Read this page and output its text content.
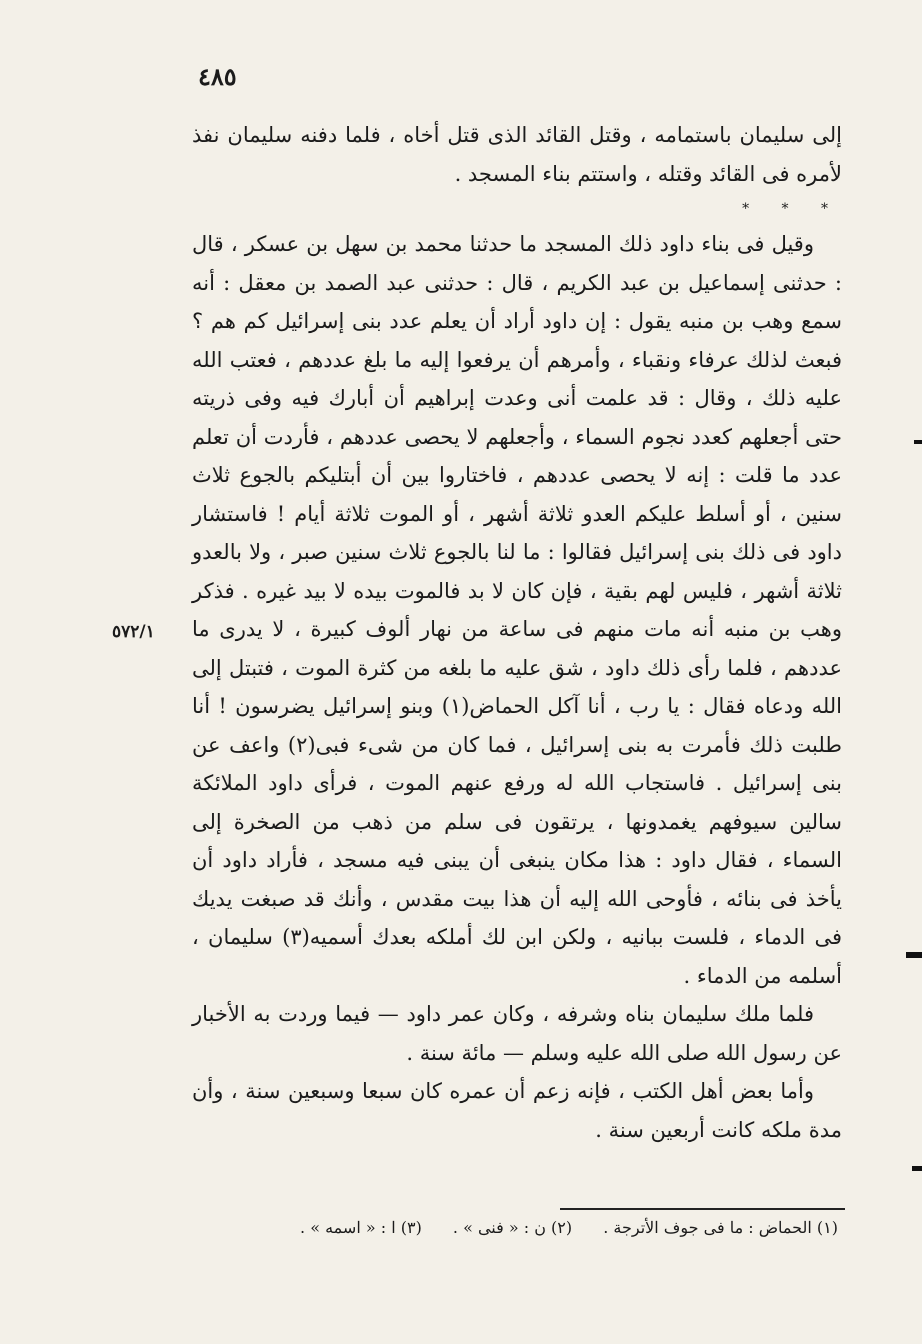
٤٨٥
٥٧٢/١

إلى سليمان باستمامه ، وقتل القائد الذى قتل أخاه ، فلما دفنه سليمان نفذ لأمره فى القائد وقتله ، واستتم بناء المسجد .

* * *

وقيل فى بناء داود ذلك المسجد ما حدثنا محمد بن سهل بن عسكر ، قال : حدثنى إسماعيل بن عبد الكريم ، قال : حدثنى عبد الصمد بن معقل : أنه سمع وهب بن منبه يقول : إن داود أراد أن يعلم عدد بنى إسرائيل كم هم ؟ فبعث لذلك عرفاء ونقباء ، وأمرهم أن يرفعوا إليه ما بلغ عددهم ، فعتب الله عليه ذلك ، وقال : قد علمت أنى وعدت إبراهيم أن أبارك فيه وفى ذريته حتى أجعلهم كعدد نجوم السماء ، وأجعلهم لا يحصى عددهم ، فأردت أن تعلم عدد ما قلت : إنه لا يحصى عددهم ، فاختاروا بين أن أبتليكم بالجوع ثلاث سنين ، أو أسلط عليكم العدو ثلاثة أشهر ، أو الموت ثلاثة أيام ! فاستشار داود فى ذلك بنى إسرائيل فقالوا : ما لنا بالجوع ثلاث سنين صبر ، ولا بالعدو ثلاثة أشهر ، فليس لهم بقية ، فإن كان لا بد فالموت بيده لا بيد غيره . فذكر وهب بن منبه أنه مات منهم فى ساعة من نهار ألوف كبيرة ، لا يدرى ما عددهم ، فلما رأى ذلك داود ، شق عليه ما بلغه من كثرة الموت ، فتبتل إلى الله ودعاه فقال : يا رب ، أنا آكل الحماض(١) وبنو إسرائيل يضرسون ! أنا طلبت ذلك فأمرت به بنى إسرائيل ، فما كان من شىء فبى(٢) واعف عن بنى إسرائيل . فاستجاب الله له ورفع عنهم الموت ، فرأى داود الملائكة سالين سيوفهم يغمدونها ، يرتقون فى سلم من ذهب من الصخرة إلى السماء ، فقال داود : هذا مكان ينبغى أن يبنى فيه مسجد ، فأراد داود أن يأخذ فى بنائه ، فأوحى الله إليه أن هذا بيت مقدس ، وأنك قد صبغت يديك فى الدماء ، فلست ببانيه ، ولكن ابن لك أملكه بعدك أسميه(٣) سليمان ، أسلمه من الدماء .

فلما ملك سليمان بناه وشرفه ، وكان عمر داود — فيما وردت به الأخبار عن رسول الله صلى الله عليه وسلم — مائة سنة .

وأما بعض أهل الكتب ، فإنه زعم أن عمره كان سبعا وسبعين سنة ، وأن مدة ملكه كانت أربعين سنة .

(١) الحماض : ما فى جوف الأترجة . (٢) ن : « فنى » . (٣) ا : « اسمه » .
